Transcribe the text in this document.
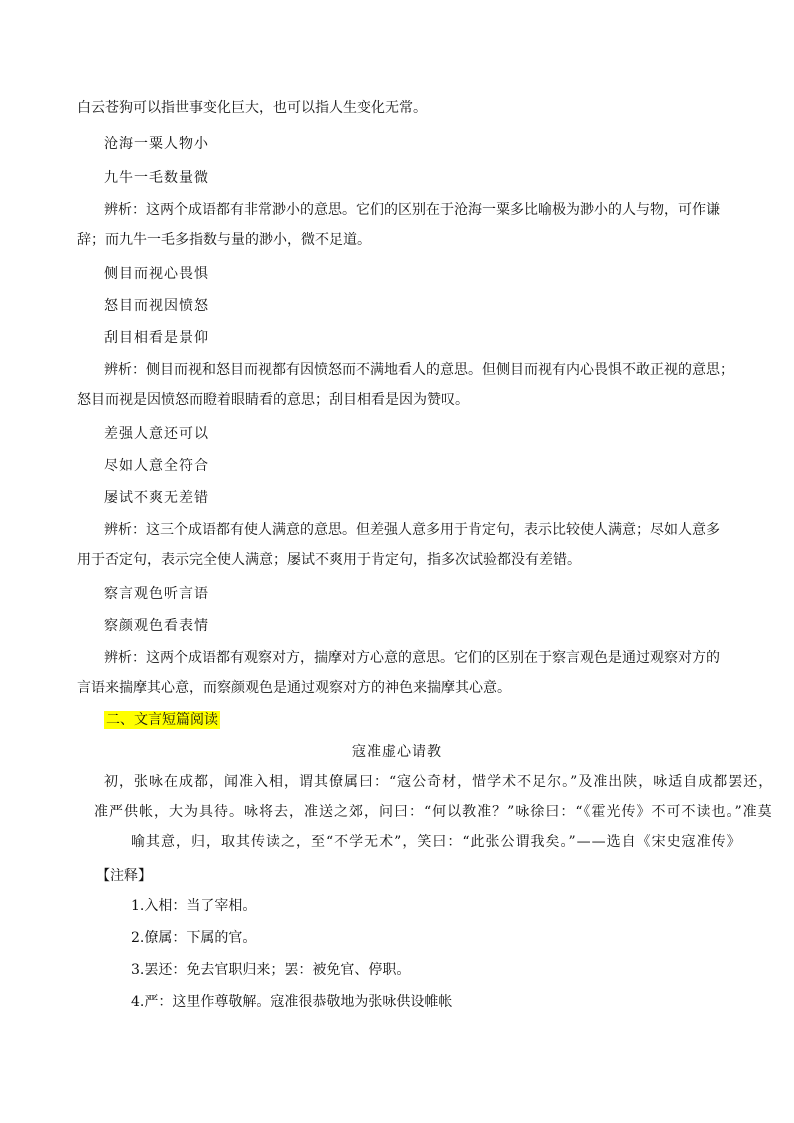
白云苍狗可以指世事变化巨大，也可以指人生变化无常。
沧海一粟人物小
九牛一毛数量微
辨析：这两个成语都有非常渺小的意思。它们的区别在于沧海一粟多比喻极为渺小的人与物，可作谦
辞；而九牛一毛多指数与量的渺小，微不足道。
侧目而视心畏惧
怒目而视因愤怒
刮目相看是景仰
辨析：侧目而视和怒目而视都有因愤怒而不满地看人的意思。但侧目而视有内心畏惧不敢正视的意思；
怒目而视是因愤怒而瞪着眼睛看的意思；刮目相看是因为赞叹。
差强人意还可以
尽如人意全符合
屡试不爽无差错
辨析：这三个成语都有使人满意的意思。但差强人意多用于肯定句，表示比较使人满意；尽如人意多
用于否定句，表示完全使人满意；屡试不爽用于肯定句，指多次试验都没有差错。
察言观色听言语
察颜观色看表情
辨析：这两个成语都有观察对方，揣摩对方心意的意思。它们的区别在于察言观色是通过观察对方的
言语来揣摩其心意，而察颜观色是通过观察对方的神色来揣摩其心意。
二、文言短篇阅读
寇准虚心请教
初，张咏在成都，闻准入相，谓其僚属曰：“寇公奇材，惜学术不足尔。”及准出陕，咏适自成都罢还，
准严供帐，大为具待。咏将去，准送之郊，问曰：“何以教准？”咏徐曰：“《霍光传》不可不读也。”准莫
喻其意，归，取其传读之，至“不学无术”，笑曰：“此张公谓我矣。”——选自《宋史寇准传》
【注释】
1.入相：当了宰相。
2.僚属：下属的官。
3.罢还：免去官职归来；罢：被免官、停职。
4.严：这里作尊敬解。寇准很恭敬地为张咏供设帷帐
